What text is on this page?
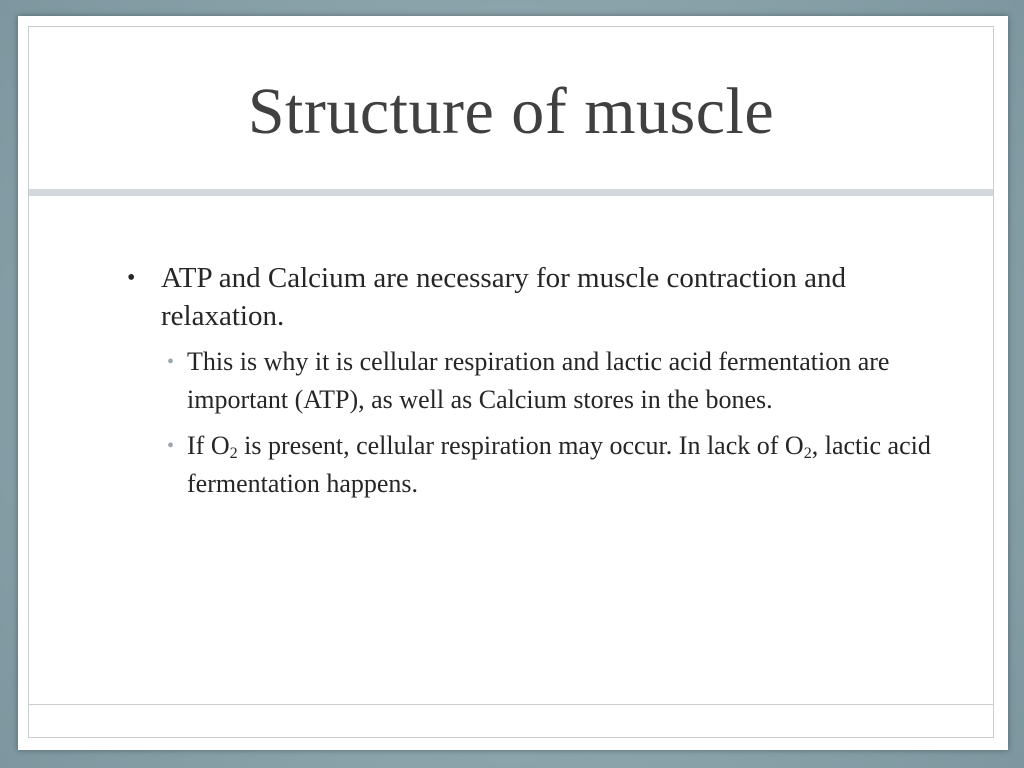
Structure of muscle
• ATP and Calcium are necessary for muscle contraction and relaxation.
• This is why it is cellular respiration and lactic acid fermentation are important (ATP), as well as Calcium stores in the bones.
• If $O_2$ is present, cellular respiration may occur. In lack of $O_2$, lactic acid fermentation happens.
